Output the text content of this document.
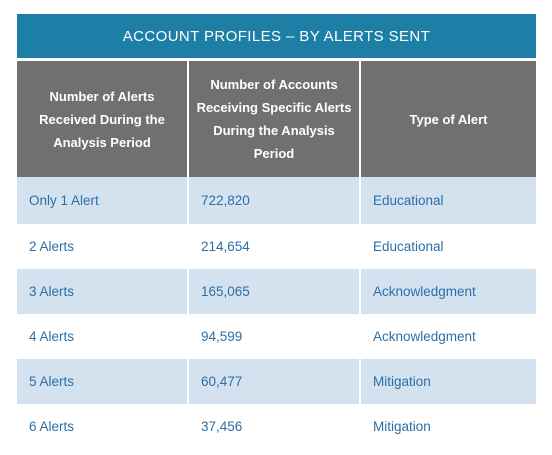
ACCOUNT PROFILES – BY ALERTS SENT
Number of Alerts Received During the Analysis Period	Number of Accounts Receiving Specific Alerts During the Analysis Period	Type of Alert
Only 1 Alert	722,820	Educational
2 Alerts	214,654	Educational
3 Alerts	165,065	Acknowledgment
4 Alerts	94,599	Acknowledgment
5 Alerts	60,477	Mitigation
6 Alerts	37,456	Mitigation
